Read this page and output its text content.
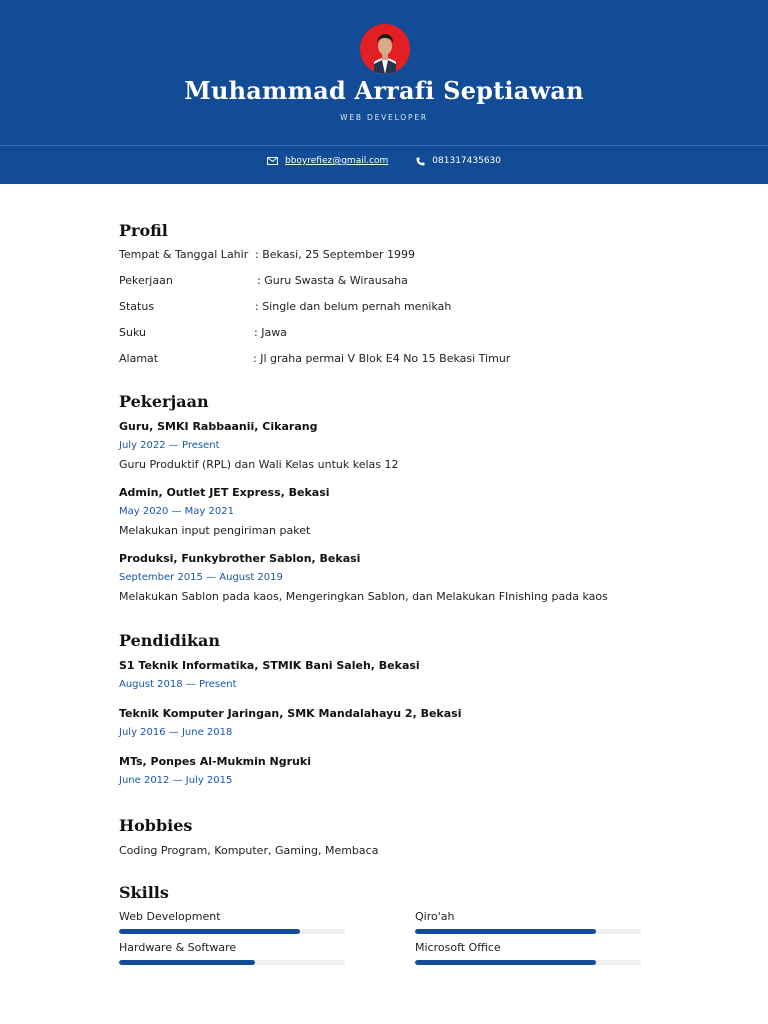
Muhammad Arrafi Septiawan
WEB DEVELOPER
bboyrefiez@gmail.com	081317435630
Profil
Tempat & Tanggal Lahir : Bekasi, 25 September 1999
Pekerjaan	: Guru Swasta & Wirausaha
Status	: Single dan belum pernah menikah
Suku	: Jawa
Alamat	: Jl graha permai V Blok E4 No 15 Bekasi Timur
Pekerjaan
Guru, SMKI Rabbaanii, Cikarang
July 2022 — Present
Guru Produktif (RPL) dan Wali Kelas untuk kelas 12
Admin, Outlet JET Express, Bekasi
May 2020 — May 2021
Melakukan input pengiriman paket
Produksi, Funkybrother Sablon, Bekasi
September 2015 — August 2019
Melakukan Sablon pada kaos, Mengeringkan Sablon, dan Melakukan FInishing pada kaos
Pendidikan
S1 Teknik Informatika, STMIK Bani Saleh, Bekasi
August 2018 — Present
Teknik Komputer Jaringan, SMK Mandalahayu 2, Bekasi
July 2016 — June 2018
MTs, Ponpes Al-Mukmin Ngruki
June 2012 — July 2015
Hobbies
Coding Program, Komputer, Gaming, Membaca
Skills
Web Development	Qiro'ah
Hardware & Software	Microsoft Office
